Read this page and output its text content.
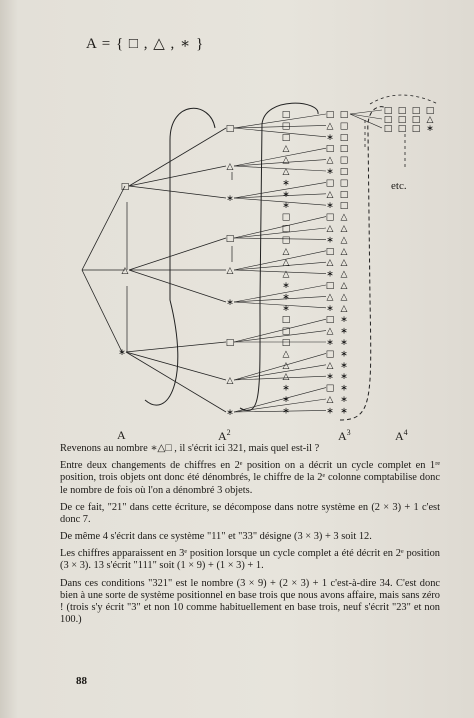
A = { □ , △ , ∗ }
□
△
∗
□
△
∗
□
△
∗
□
△
∗
□	□ □
□	△ □
□	∗ □
△	□ □
△	△ □
△	∗ □
∗	□ □
∗	△ □
∗	∗ □
□	□ △
□	△ △
□	∗ △
△	□ △
△	△ △
△	∗ △
∗	□ △
∗	△ △
∗	∗ △
□	□ ∗
□	△ ∗
□	∗ ∗
△	□ ∗
△	△ ∗
△	∗ ∗
∗	□ ∗
∗	△ ∗
∗	∗ ∗
□ □ □ □
□ □ □ △
□ □ □ ∗
A	$A^2$	$A^3$	$A^4$
etc.

Revenons au nombre ∗△□ , il s'écrit ici 321, mais quel est-il ?

Entre deux changements de chiffres en 2ᵉ position on a décrit un cycle complet en 1ʳᵉ position, trois objets ont donc été dénombrés, le chiffre de la 2ᵉ colonne comptabilise donc le nombre de fois où l'on a dénombré 3 objets.

De ce fait, "21" dans cette écriture, se décompose dans notre système en (2 × 3) + 1 c'est donc 7.

De même 4 s'écrit dans ce système "11" et "33" désigne (3 × 3) + 3 soit 12.

Les chiffres apparaissent en 3ᵉ position lorsque un cycle complet a été décrit en 2ᵉ position (3 × 3). 13 s'écrit "111" soit (1 × 9) + (1 × 3) + 1.

Dans ces conditions "321" est le nombre (3 × 9) + (2 × 3) + 1 c'est-à-dire 34. C'est donc bien à une sorte de système positionnel en base trois que nous avons affaire, mais sans zéro ! (trois s'y écrit "3" et non 10 comme habituellement en base trois, neuf s'écrit "23" et non 100.)

88
